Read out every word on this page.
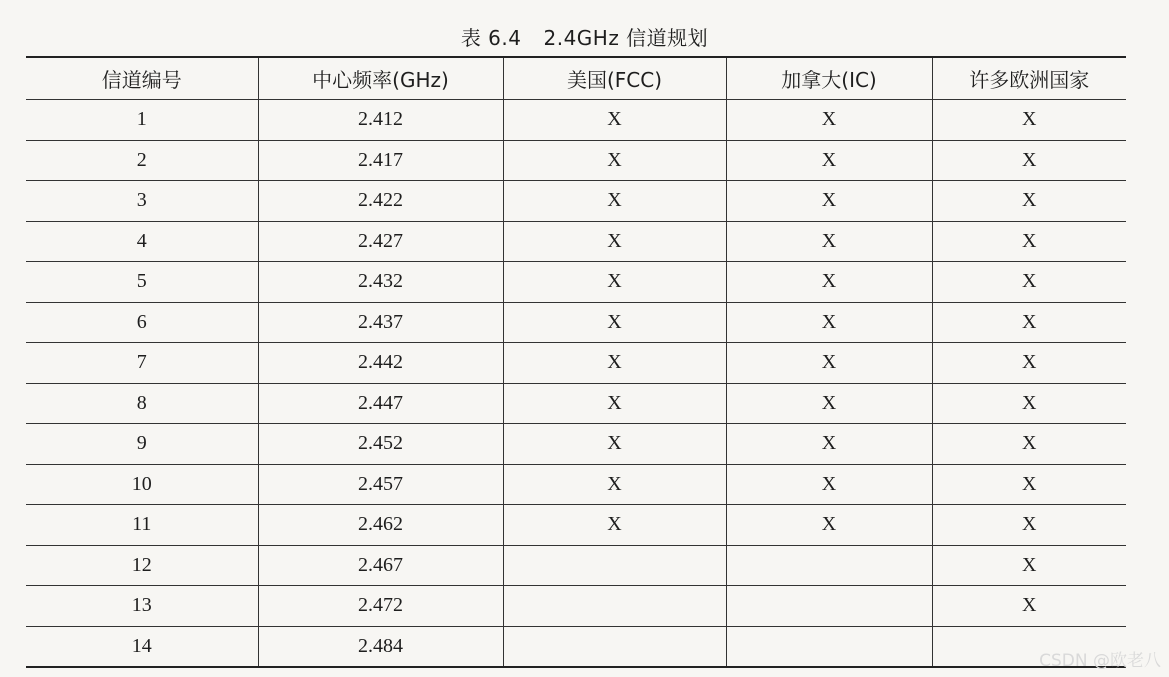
表 6.4 2.4GHz 信道规划
信道编号	中心频率(GHz)	美国(FCC)	加拿大(IC)	许多欧洲国家
1	2.412	X	X	X
2	2.417	X	X	X
3	2.422	X	X	X
4	2.427	X	X	X
5	2.432	X	X	X
6	2.437	X	X	X
7	2.442	X	X	X
8	2.447	X	X	X
9	2.452	X	X	X
10	2.457	X	X	X
11	2.462	X	X	X
12	2.467			X
13	2.472			X
14	2.484			
CSDN @欧老八
